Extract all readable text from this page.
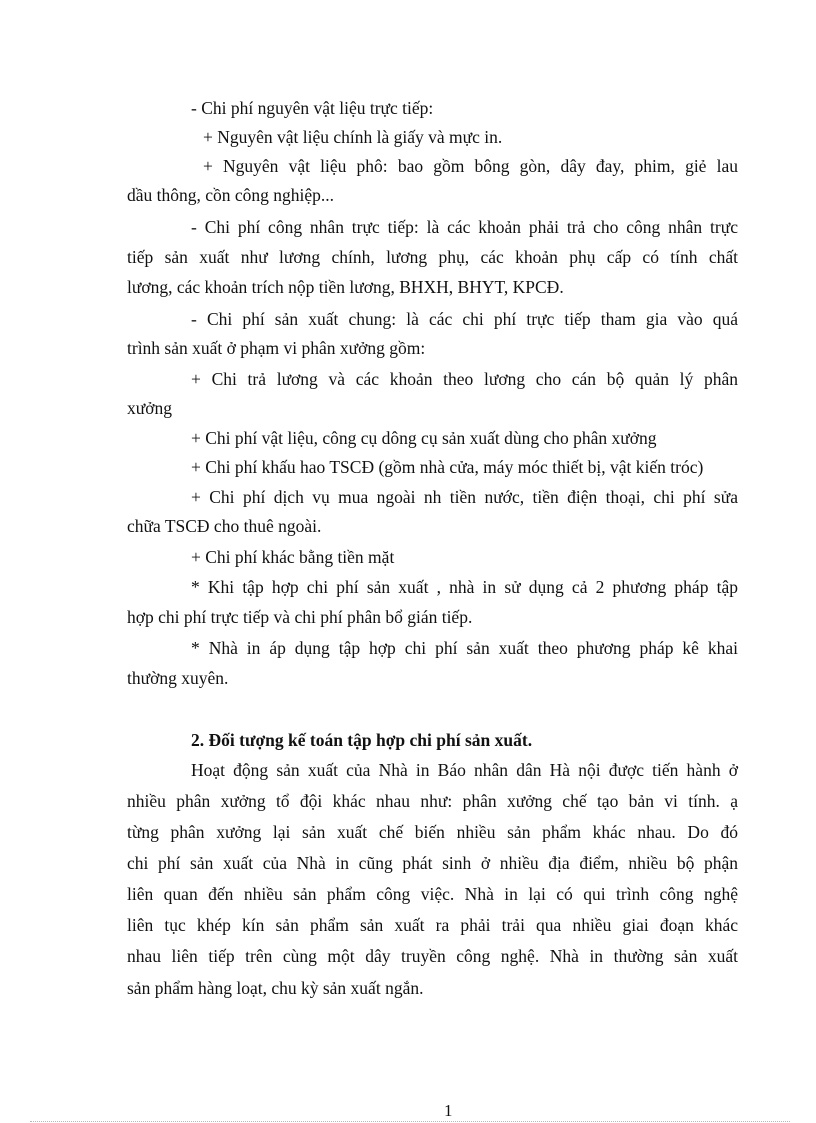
- Chi phí nguyên vật liệu trực tiếp:
+ Nguyên vật liệu chính là giấy và mực in.
+ Nguyên vật liệu phô: bao gồm bông gòn, dây đay, phim, giẻ lau
dầu thông, cồn công nghiệp...
- Chi phí công nhân trực tiếp: là các khoản phải trả cho công nhân trực
tiếp sản xuất như lương chính, lương phụ, các khoản phụ cấp có tính chất
lương, các khoản trích nộp tiền lương, BHXH, BHYT, KPCĐ.
- Chi phí sản xuất chung: là các chi phí trực tiếp tham gia vào quá
trình sản xuất ở phạm vi phân xưởng gồm:
+ Chi trả lương và các khoản theo lương cho cán bộ quản lý phân
xưởng
+ Chi phí vật liệu, công cụ dông cụ sản xuất dùng cho phân xưởng
+ Chi phí khấu hao TSCĐ (gồm nhà cửa, máy móc thiết bị, vật kiến tróc)
+ Chi phí dịch vụ mua ngoài nh tiền nước, tiền điện thoại, chi phí sửa
chữa TSCĐ cho thuê ngoài.
+ Chi phí khác bằng tiền mặt
* Khi tập hợp chi phí sản xuất , nhà in sử dụng cả 2 phương pháp tập
hợp chi phí trực tiếp và chi phí phân bổ gián tiếp.
* Nhà in áp dụng tập hợp chi phí sản xuất theo phương pháp kê khai
thường xuyên.
2. Đối tượng kế toán tập hợp chi phí sản xuất.
Hoạt động sản xuất của Nhà in Báo nhân dân Hà nội được tiến hành ở
nhiều phân xưởng tổ đội khác nhau như: phân xưởng chế tạo bản vi tính. ạ
từng phân xưởng lại sản xuất chế biến nhiều sản phẩm khác nhau. Do đó
chi phí sản xuất của Nhà in cũng phát sinh ở nhiều địa điểm, nhiều bộ phận
liên quan đến nhiều sản phẩm công việc. Nhà in lại có qui trình công nghệ
liên tục khép kín sản phẩm sản xuất ra phải trải qua nhiều giai đoạn khác
nhau liên tiếp trên cùng một dây truyền công nghệ. Nhà in thường sản xuất
sản phẩm hàng loạt, chu kỳ sản xuất ngắn.
1
